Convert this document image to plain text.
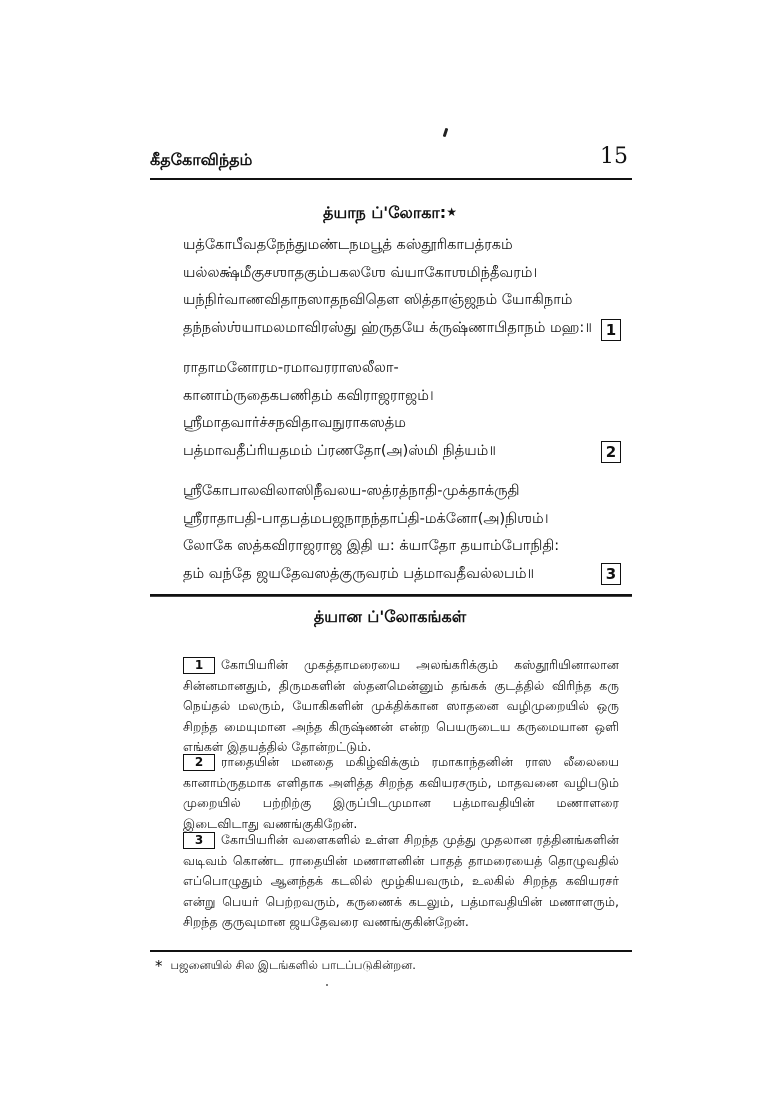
கீதகோவிந்தம்	15
த்யாந ப்'லோகா:★
யத்கோபீவதநேந்துமண்டநமபூத் கஸ்தூரிகாபத்ரகம்
யல்லக்ஷ்மீகுசஶாதகும்பகலஶே வ்யாகோஶமிந்தீவரம்।
யந்நிர்வாணவிதாநஸாதநவிதௌ ஸித்தாஞ்ஜநம் யோகிநாம்
தந்நஸ்ஶ்யாமலமாவிரஸ்து ஹ்ருதயே க்ருஷ்ணாபிதாநம் மஹ:॥ 1
ராதாமனோரம-ரமாவரராஸலீலா-
கானாம்ருதைகபணிதம் கவிராஜராஜம்।
ஶ்ரீமாதவார்ச்சநவிதாவநுராகஸத்ம
பத்மாவதீப்ரியதமம் ப்ரணதோ(அ)ஸ்மி நித்யம்॥	2
ஶ்ரீகோபாலவிலாஸிநீவலய-ஸத்ரத்நாதி-முக்தாக்ருதி
ஶ்ரீராதாபதி-பாதபத்மபஜநாநந்தாப்தி-மக்னோ(அ)நிஶம்।
லோகே ஸத்கவிராஜராஜ இதி ய: க்யாதோ தயாம்போநிதி:
தம் வந்தே ஜயதேவஸத்குருவரம் பத்மாவதீவல்லபம்॥	3
த்யான ப்'லோகங்கள்
1 கோபியரின் முகத்தாமரையை அலங்கரிக்கும் கஸ்தூரியினாலான சின்னமானதும், திருமகளின் ஸ்தனமென்னும் தங்கக் குடத்தில் விரிந்த கரு நெய்தல் மலரும், யோகிகளின் முக்திக்கான ஸாதனை வழிமுறையில் ஒரு சிறந்த மையுமான அந்த கிருஷ்ணன் என்ற பெயருடைய கருமையான ஒளி எங்கள் இதயத்தில் தோன்றட்டும்.
2 ராதையின் மனதை மகிழ்விக்கும் ரமாகாந்தனின் ராஸ லீலையை கானாம்ருதமாக எளிதாக அளித்த சிறந்த கவியரசரும், மாதவனை வழிபடும் முறையில் பற்றிற்கு இருப்பிடமுமான பத்மாவதியின் மணாளரை இடைவிடாது வணங்குகிறேன்.
3 கோபியரின் வளைகளில் உள்ள சிறந்த முத்து முதலான ரத்தினங்களின் வடிவம் கொண்ட ராதையின் மணாளனின் பாதத் தாமரையைத் தொழுவதில் எப்பொழுதும் ஆனந்தக் கடலில் மூழ்கியவரும், உலகில் சிறந்த கவியரசர் என்று பெயர் பெற்றவரும், கருணைக் கடலும், பத்மாவதியின் மணாளரும், சிறந்த குருவுமான ஜயதேவரை வணங்குகின்றேன்.
* பஜனையில் சில இடங்களில் பாடப்படுகின்றன.
